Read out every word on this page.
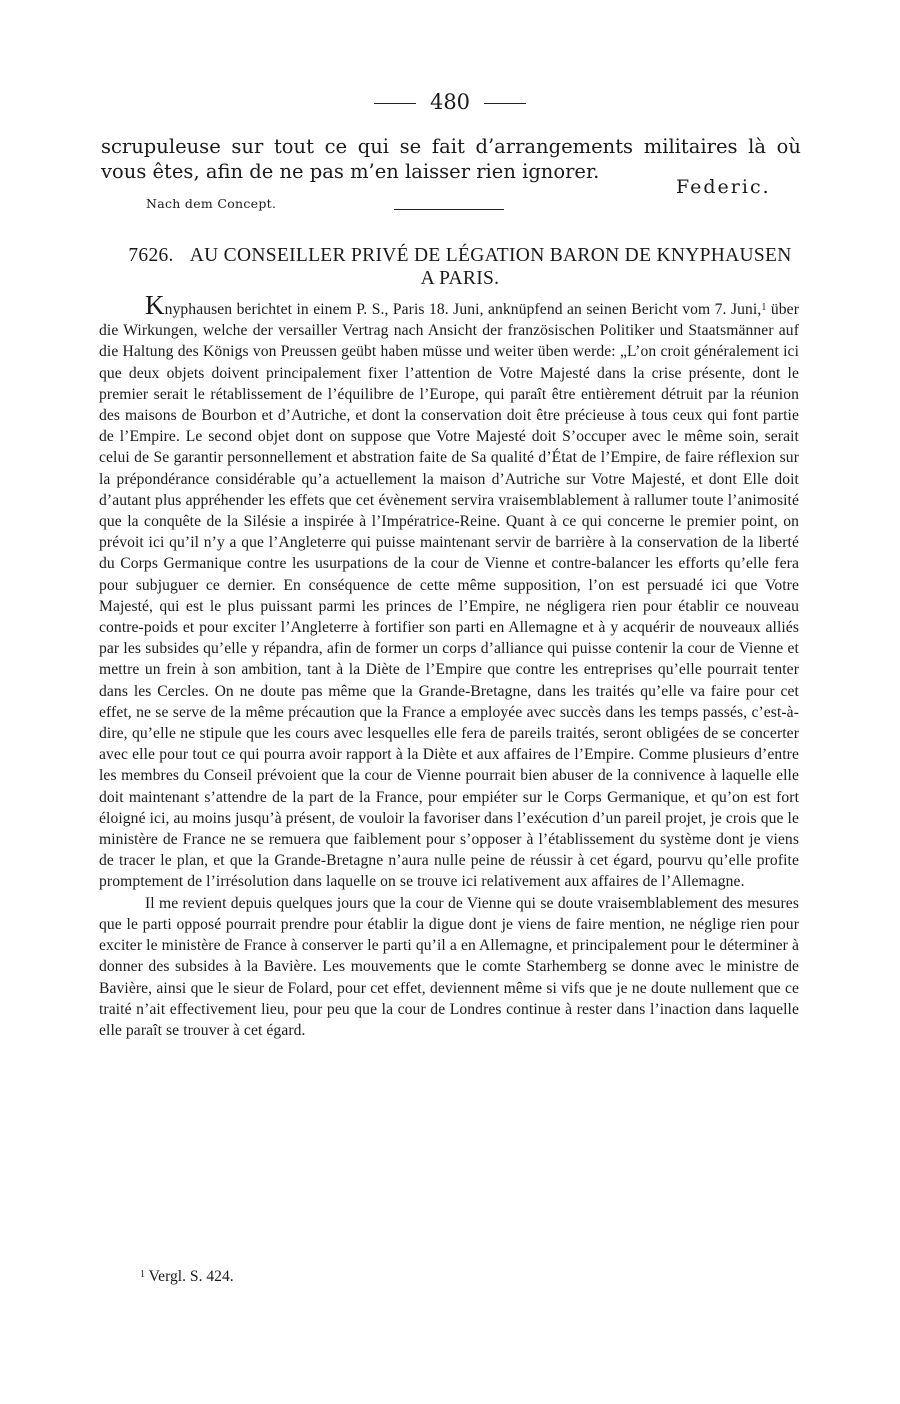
480
scrupuleuse sur tout ce qui se fait d’arrangements militaires là où vous êtes, afin de ne pas m’en laisser rien ignorer.
Federic.
Nach dem Concept.
7626. AU CONSEILLER PRIVÉ DE LÉGATION BARON DE KNYPHAUSEN A PARIS.

Knyphausen berichtet in einem P. S., Paris 18. Juni, anknüpfend an seinen Bericht vom 7. Juni,$^1$ über die Wirkungen, welche der versailler Vertrag nach Ansicht der französischen Politiker und Staatsmänner auf die Haltung des Königs von Preussen geübt haben müsse und weiter üben werde: „L’on croit généralement ici que deux objets doivent principalement fixer l’attention de Votre Majesté dans la crise présente, dont le premier serait le rétablissement de l’équilibre de l’Europe, qui paraît être entièrement détruit par la réunion des maisons de Bourbon et d’Autriche, et dont la conservation doit être précieuse à tous ceux qui font partie de l’Empire. Le second objet dont on suppose que Votre Majesté doit S’occuper avec le même soin, serait celui de Se garantir personnellement et abstration faite de Sa qualité d’État de l’Empire, de faire réflexion sur la prépondérance considérable qu’a actuellement la maison d’Autriche sur Votre Majesté, et dont Elle doit d’autant plus appréhender les effets que cet évènement servira vraisemblablement à rallumer toute l’animosité que la conquête de la Silésie a inspirée à l’Impératrice-Reine. Quant à ce qui concerne le premier point, on prévoit ici qu’il n’y a que l’Angleterre qui puisse maintenant servir de barrière à la conservation de la liberté du Corps Germanique contre les usurpations de la cour de Vienne et contre-balancer les efforts qu’elle fera pour subjuguer ce dernier. En conséquence de cette même supposition, l’on est persuadé ici que Votre Majesté, qui est le plus puissant parmi les princes de l’Empire, ne négligera rien pour établir ce nouveau contre-poids et pour exciter l’Angleterre à fortifier son parti en Allemagne et à y acquérir de nouveaux alliés par les subsides qu’elle y répandra, afin de former un corps d’alliance qui puisse contenir la cour de Vienne et mettre un frein à son ambition, tant à la Diète de l’Empire que contre les entreprises qu’elle pourrait tenter dans les Cercles. On ne doute pas même que la Grande-Bretagne, dans les traités qu’elle va faire pour cet effet, ne se serve de la même précaution que la France a employée avec succès dans les temps passés, c’est-à-dire, qu’elle ne stipule que les cours avec lesquelles elle fera de pareils traités, seront obligées de se concerter avec elle pour tout ce qui pourra avoir rapport à la Diète et aux affaires de l’Empire. Comme plusieurs d’entre les membres du Conseil prévoient que la cour de Vienne pourrait bien abuser de la connivence à laquelle elle doit maintenant s’attendre de la part de la France, pour empiéter sur le Corps Germanique, et qu’on est fort éloigné ici, au moins jusqu’à présent, de vouloir la favoriser dans l’exécution d’un pareil projet, je crois que le ministère de France ne se remuera que faiblement pour s’opposer à l’établissement du système dont je viens de tracer le plan, et que la Grande-Bretagne n’aura nulle peine de réussir à cet égard, pourvu qu’elle profite promptement de l’irrésolution dans laquelle on se trouve ici relativement aux affaires de l’Allemagne.

Il me revient depuis quelques jours que la cour de Vienne qui se doute vraisemblablement des mesures que le parti opposé pourrait prendre pour établir la digue dont je viens de faire mention, ne néglige rien pour exciter le ministère de France à conserver le parti qu’il a en Allemagne, et principalement pour le déterminer à donner des subsides à la Bavière. Les mouvements que le comte Starhemberg se donne avec le ministre de Bavière, ainsi que le sieur de Folard, pour cet effet, deviennent même si vifs que je ne doute nullement que ce traité n’ait effectivement lieu, pour peu que la cour de Londres continue à rester dans l’inaction dans laquelle elle paraît se trouver à cet égard.

$^1$ Vergl. S. 424.
